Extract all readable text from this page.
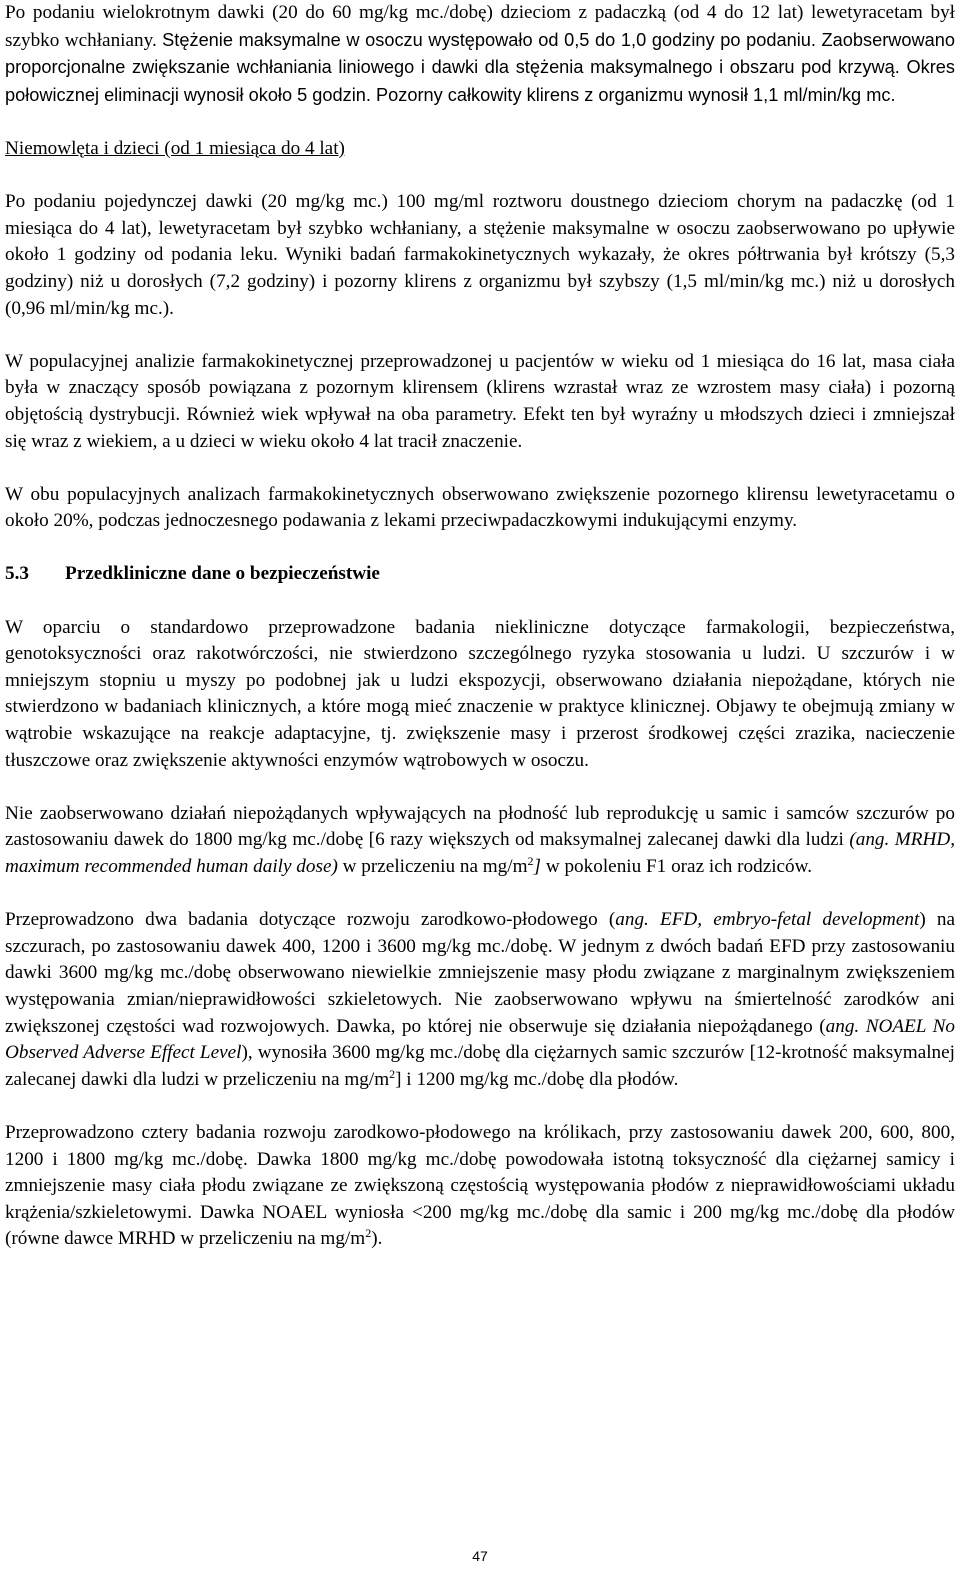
Po podaniu wielokrotnym dawki (20 do 60 mg/kg mc./dobę) dzieciom z padaczką (od 4 do 12 lat) lewetyracetam był szybko wchłaniany. Stężenie maksymalne w osoczu występowało od 0,5 do 1,0 godziny po podaniu. Zaobserwowano proporcjonalne zwiększanie wchłaniania liniowego i dawki dla stężenia maksymalnego i obszaru pod krzywą. Okres połowicznej eliminacji wynosił około 5 godzin. Pozorny całkowity klirens z organizmu wynosił 1,1 ml/min/kg mc.

Niemowlęta i dzieci (od 1 miesiąca do 4 lat)

Po podaniu pojedynczej dawki (20 mg/kg mc.) 100 mg/ml roztworu doustnego dzieciom chorym na padaczkę (od 1 miesiąca do 4 lat), lewetyracetam był szybko wchłaniany, a stężenie maksymalne w osoczu zaobserwowano po upływie około 1 godziny od podania leku. Wyniki badań farmakokinetycznych wykazały, że okres półtrwania był krótszy (5,3 godziny) niż u dorosłych (7,2 godziny) i pozorny klirens z organizmu był szybszy (1,5 ml/min/kg mc.) niż u dorosłych (0,96 ml/min/kg mc.).

W populacyjnej analizie farmakokinetycznej przeprowadzonej u pacjentów w wieku od 1 miesiąca do 16 lat, masa ciała była w znaczący sposób powiązana z pozornym klirensem (klirens wzrastał wraz ze wzrostem masy ciała) i pozorną objętością dystrybucji. Również wiek wpływał na oba parametry. Efekt ten był wyraźny u młodszych dzieci i zmniejszał się wraz z wiekiem, a u dzieci w wieku około 4 lat tracił znaczenie.

W obu populacyjnych analizach farmakokinetycznych obserwowano zwiększenie pozornego klirensu lewetyracetamu o około 20%, podczas jednoczesnego podawania z lekami przeciwpadaczkowymi indukującymi enzymy.

5.3	Przedkliniczne dane o bezpieczeństwie

W oparciu o standardowo przeprowadzone badania niekliniczne dotyczące farmakologii, bezpieczeństwa, genotoksyczności oraz rakotwórczości, nie stwierdzono szczególnego ryzyka stosowania u ludzi. U szczurów i w mniejszym stopniu u myszy po podobnej jak u ludzi ekspozycji, obserwowano działania niepożądane, których nie stwierdzono w badaniach klinicznych, a które mogą mieć znaczenie w praktyce klinicznej. Objawy te obejmują zmiany w wątrobie wskazujące na reakcje adaptacyjne, tj. zwiększenie masy i przerost środkowej części zrazika, nacieczenie tłuszczowe oraz zwiększenie aktywności enzymów wątrobowych w osoczu.

Nie zaobserwowano działań niepożądanych wpływających na płodność lub reprodukcję u samic i samców szczurów po zastosowaniu dawek do 1800 mg/kg mc./dobę [6 razy większych od maksymalnej zalecanej dawki dla ludzi (ang. MRHD, maximum recommended human daily dose) w przeliczeniu na $mg/m^2$] w pokoleniu F1 oraz ich rodziców.

Przeprowadzono dwa badania dotyczące rozwoju zarodkowo-płodowego (ang. EFD, embryo-fetal development) na szczurach, po zastosowaniu dawek 400, 1200 i 3600 mg/kg mc./dobę. W jednym z dwóch badań EFD przy zastosowaniu dawki 3600 mg/kg mc./dobę obserwowano niewielkie zmniejszenie masy płodu związane z marginalnym zwiększeniem występowania zmian/nieprawidłowości szkieletowych. Nie zaobserwowano wpływu na śmiertelność zarodków ani zwiększonej częstości wad rozwojowych. Dawka, po której nie obserwuje się działania niepożądanego (ang. NOAEL No Observed Adverse Effect Level), wynosiła 3600 mg/kg mc./dobę dla ciężarnych samic szczurów [12-krotność maksymalnej zalecanej dawki dla ludzi w przeliczeniu na $mg/m^2$] i 1200 mg/kg mc./dobę dla płodów.

Przeprowadzono cztery badania rozwoju zarodkowo-płodowego na królikach, przy zastosowaniu dawek 200, 600, 800, 1200 i 1800 mg/kg mc./dobę. Dawka 1800 mg/kg mc./dobę powodowała istotną toksyczność dla ciężarnej samicy i zmniejszenie masy ciała płodu związane ze zwiększoną częstością występowania płodów z nieprawidłowościami układu krążenia/szkieletowymi. Dawka NOAEL wyniosła <200 mg/kg mc./dobę dla samic i 200 mg/kg mc./dobę dla płodów (równe dawce MRHD w przeliczeniu na $mg/m^2$).

47
